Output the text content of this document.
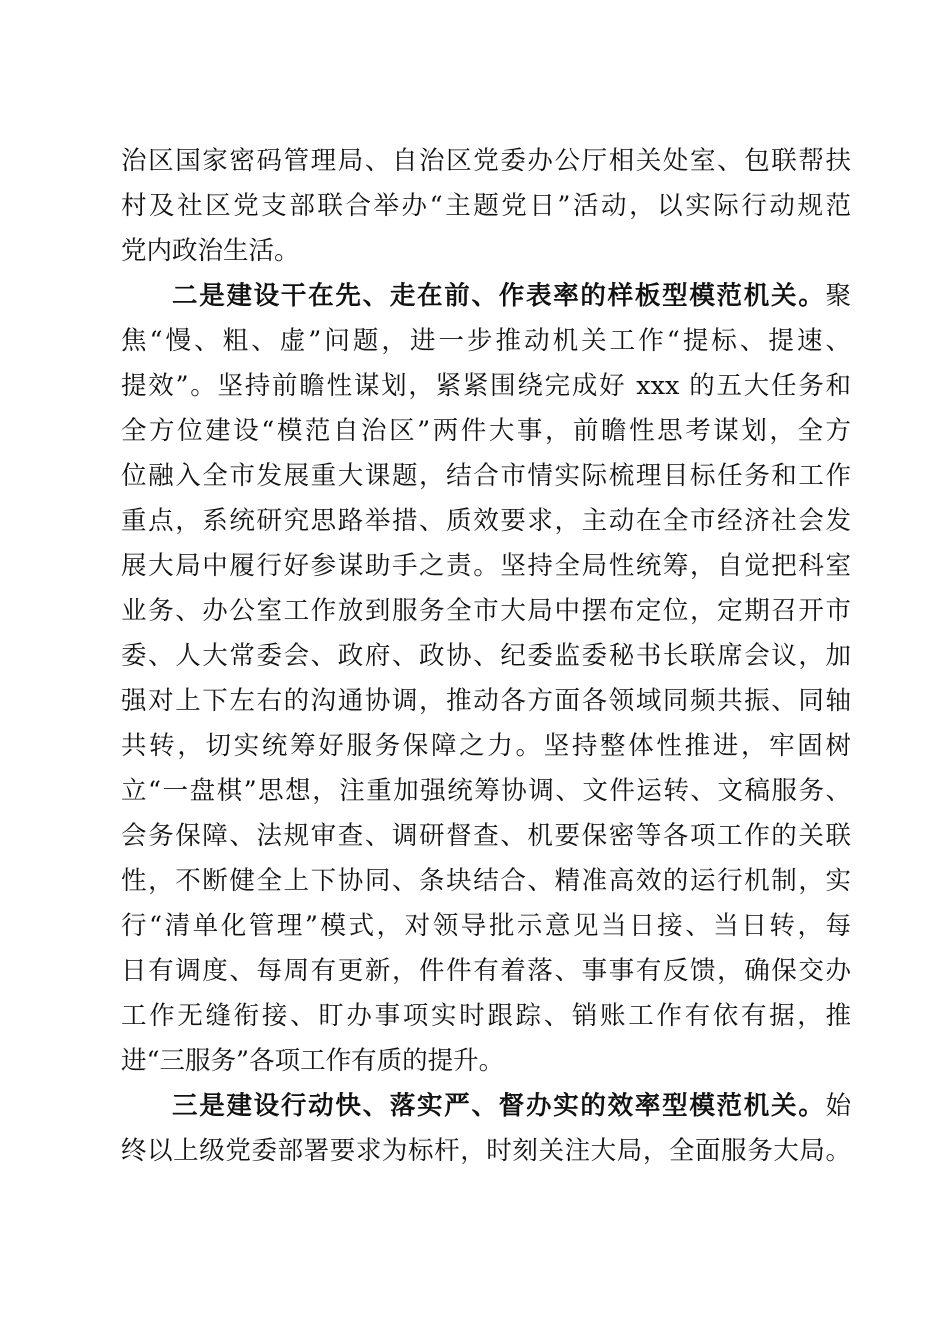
治区国家密码管理局、自治区党委办公厅相关处室、包联帮扶
村及社区党支部联合举办“主题党日”活动，以实际行动规范
党内政治生活。
二是建设干在先、走在前、作表率的样板型模范机关。聚
焦“慢、粗、虚”问题，进一步推动机关工作“提标、提速、
提效”。坚持前瞻性谋划，紧紧围绕完成好 xxx 的五大任务和
全方位建设“模范自治区”两件大事，前瞻性思考谋划，全方
位融入全市发展重大课题，结合市情实际梳理目标任务和工作
重点，系统研究思路举措、质效要求，主动在全市经济社会发
展大局中履行好参谋助手之责。坚持全局性统筹，自觉把科室
业务、办公室工作放到服务全市大局中摆布定位，定期召开市
委、人大常委会、政府、政协、纪委监委秘书长联席会议，加
强对上下左右的沟通协调，推动各方面各领域同频共振、同轴
共转，切实统筹好服务保障之力。坚持整体性推进，牢固树
立“一盘棋”思想，注重加强统筹协调、文件运转、文稿服务、
会务保障、法规审查、调研督查、机要保密等各项工作的关联
性，不断健全上下协同、条块结合、精准高效的运行机制，实
行“清单化管理”模式，对领导批示意见当日接、当日转，每
日有调度、每周有更新，件件有着落、事事有反馈，确保交办
工作无缝衔接、盯办事项实时跟踪、销账工作有依有据，推
进“三服务”各项工作有质的提升。
三是建设行动快、落实严、督办实的效率型模范机关。始
终以上级党委部署要求为标杆，时刻关注大局，全面服务大局。
